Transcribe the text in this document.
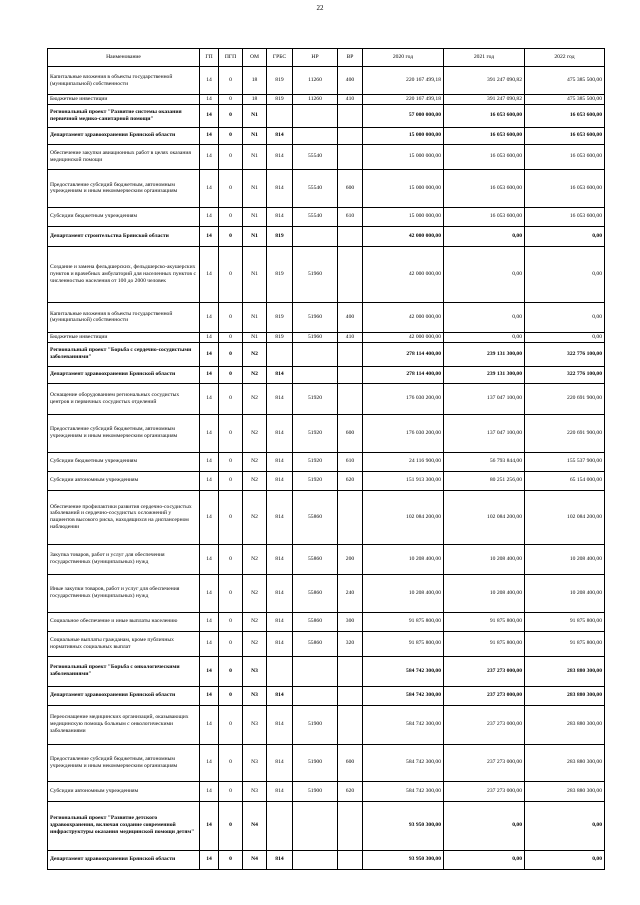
22
Наименование	ГП	ПГП	ОМ	ГРБС	НР	ВР	2020 год	2021 год	2022 год
Капитальные вложения в объекты государственной (муниципальной) собственности	14	0	18	819	11260	400	220 167 499,18	391 247 090,82	475 385 500,00
Бюджетные инвестиции	14	0	18	819	11260	410	220 167 499,18	391 247 090,82	475 385 500,00
Региональный проект "Развитие системы оказания первичной медико-санитарной помощи"	14	0	N1				57 000 000,00	16 053 600,00	16 053 600,00
Департамент здравоохранения Брянской области	14	0	N1	814			15 000 000,00	16 053 600,00	16 053 600,00
Обеспечение закупки авиационных работ в целях оказания медицинской помощи	14	0	N1	814	55540		15 000 000,00	16 053 600,00	16 053 600,00
Предоставление субсидий бюджетным, автономным учреждениям и иным некоммерческим организациям	14	0	N1	814	55540	600	15 000 000,00	16 053 600,00	16 053 600,00
Субсидии бюджетным учреждениям	14	0	N1	814	55540	610	15 000 000,00	16 053 600,00	16 053 600,00
Департамент строительства Брянской области	14	0	N1	819			42 000 000,00	0,00	0,00
Создание и замена фельдшерских, фельдшерско-акушерских пунктов и врачебных амбулаторий для населенных пунктов с численностью населения от 100 до 2000 человек	14	0	N1	819	51960		42 000 000,00	0,00	0,00
Капитальные вложения в объекты государственной (муниципальной) собственности	14	0	N1	819	51960	400	42 000 000,00	0,00	0,00
Бюджетные инвестиции	14	0	N1	819	51960	410	42 000 000,00	0,00	0,00
Региональный проект "Борьба с сердечно-сосудистыми заболеваниями"	14	0	N2				278 114 400,00	239 131 300,00	322 776 100,00
Департамент здравоохранения Брянской области	14	0	N2	814			278 114 400,00	239 131 300,00	322 776 100,00
Оснащение оборудованием региональных сосудистых центров и первичных сосудистых отделений	14	0	N2	814	51920		176 030 200,00	137 047 100,00	220 691 900,00
Предоставление субсидий бюджетным, автономным учреждениям и иным некоммерческим организациям	14	0	N2	814	51920	600	176 030 200,00	137 047 100,00	220 691 900,00
Субсидии бюджетным учреждениям	14	0	N2	814	51920	610	24 116 900,00	56 793 844,00	155 537 900,00
Субсидии автономным учреждениям	14	0	N2	814	51920	620	151 913 300,00	80 251 256,00	65 154 000,00
Обеспечение профилактики развития сердечно-сосудистых заболеваний и сердечно-сосудистых осложнений у пациентов высокого риска, находящихся на диспансерном наблюдении	14	0	N2	814	55860		102 084 200,00	102 084 200,00	102 084 200,00
Закупка товаров, работ и услуг для обеспечения государственных (муниципальных) нужд	14	0	N2	814	55860	200	10 208 400,00	10 208 400,00	10 208 400,00
Иные закупки товаров, работ и услуг для обеспечения государственных (муниципальных) нужд	14	0	N2	814	55860	240	10 208 400,00	10 208 400,00	10 208 400,00
Социальное обеспечение и иные выплаты населению	14	0	N2	814	55860	300	91 875 800,00	91 875 800,00	91 875 800,00
Социальные выплаты гражданам, кроме публичных нормативных социальных выплат	14	0	N2	814	55860	320	91 875 800,00	91 875 800,00	91 875 800,00
Региональный проект "Борьба с онкологическими заболеваниями"	14	0	N3				584 742 300,00	237 273 000,00	283 880 300,00
Департамент здравоохранения Брянской области	14	0	N3	814			584 742 300,00	237 273 000,00	283 880 300,00
Переоснащение медицинских организаций, оказывающих медицинскую помощь больным с онкологическими заболеваниями	14	0	N3	814	51900		584 742 300,00	237 273 000,00	283 880 300,00
Предоставление субсидий бюджетным, автономным учреждениям и иным некоммерческим организациям	14	0	N3	814	51900	600	584 742 300,00	237 273 000,00	283 880 300,00
Субсидии автономным учреждениям	14	0	N3	814	51900	620	584 742 300,00	237 273 000,00	283 880 300,00
Региональный проект "Развитие детского здравоохранения, включая создание современной инфраструктуры оказания медицинской помощи детям"	14	0	N4				93 950 300,00	0,00	0,00
Департамент здравоохранения Брянской области	14	0	N4	814			93 950 300,00	0,00	0,00
